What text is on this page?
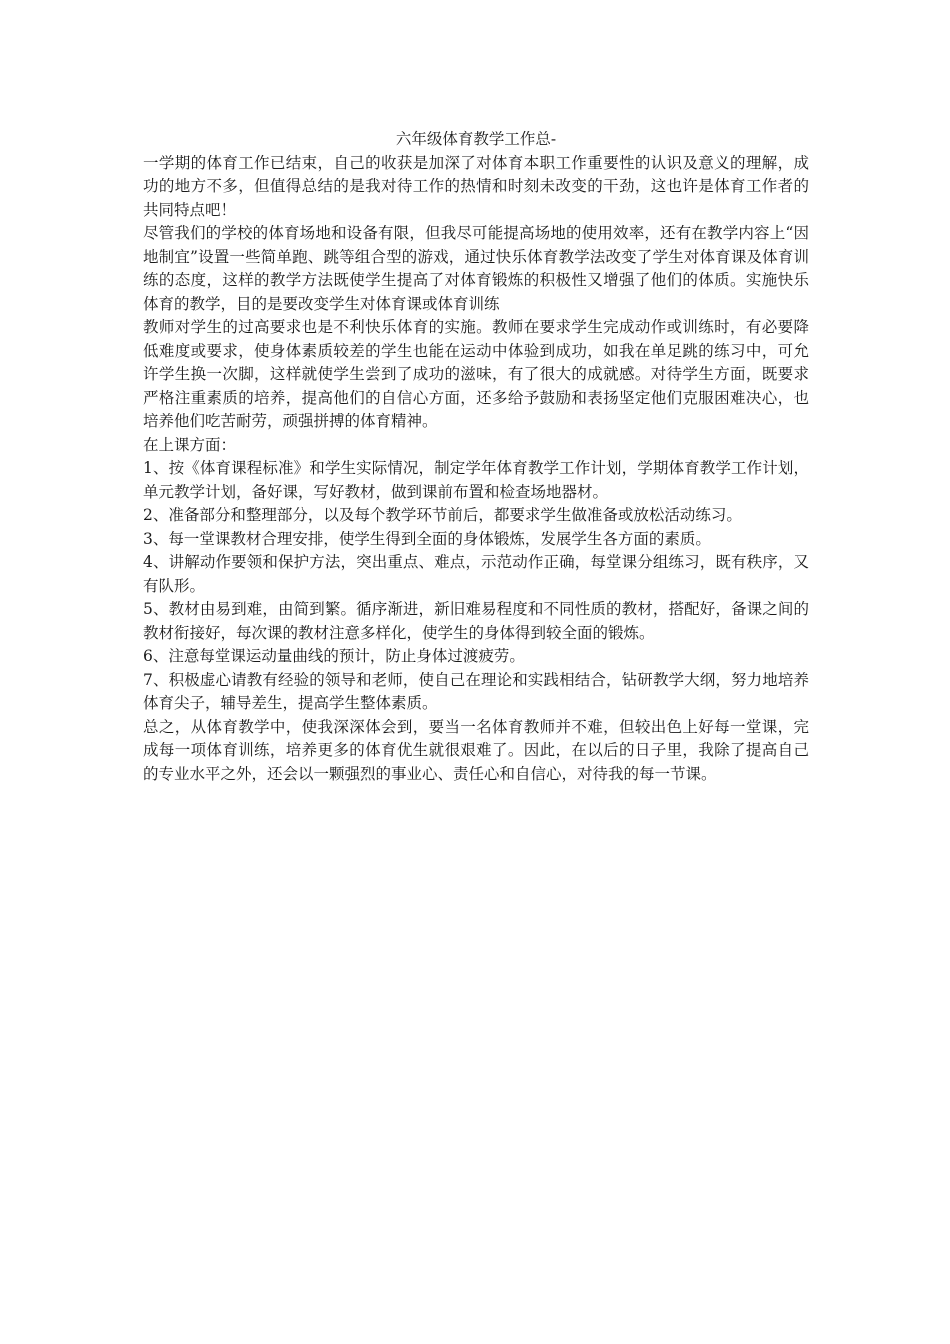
六年级体育教学工作总-

一学期的体育工作已结束，自己的收获是加深了对体育本职工作重要性的认识及意义的理解，成功的地方不多，但值得总结的是我对待工作的热情和时刻未改变的干劲，这也许是体育工作者的共同特点吧！

尽管我们的学校的体育场地和设备有限，但我尽可能提高场地的使用效率，还有在教学内容上“因地制宜”设置一些简单跑、跳等组合型的游戏，通过快乐体育教学法改变了学生对体育课及体育训练的态度，这样的教学方法既使学生提高了对体育锻炼的积极性又增强了他们的体质。实施快乐体育的教学，目的是要改变学生对体育课或体育训练

教师对学生的过高要求也是不利快乐体育的实施。教师在要求学生完成动作或训练时，有必要降低难度或要求，使身体素质较差的学生也能在运动中体验到成功，如我在单足跳的练习中，可允许学生换一次脚，这样就使学生尝到了成功的滋味，有了很大的成就感。对待学生方面，既要求严格注重素质的培养，提高他们的自信心方面，还多给予鼓励和表扬坚定他们克服困难决心，也培养他们吃苦耐劳，顽强拼搏的体育精神。

在上课方面：

1、按《体育课程标准》和学生实际情况，制定学年体育教学工作计划，学期体育教学工作计划，单元教学计划，备好课，写好教材，做到课前布置和检查场地器材。

2、准备部分和整理部分，以及每个教学环节前后，都要求学生做准备或放松活动练习。

3、每一堂课教材合理安排，使学生得到全面的身体锻炼，发展学生各方面的素质。

4、讲解动作要领和保护方法，突出重点、难点，示范动作正确，每堂课分组练习，既有秩序，又有队形。

5、教材由易到难，由简到繁。循序渐进，新旧难易程度和不同性质的教材，搭配好，备课之间的教材衔接好，每次课的教材注意多样化，使学生的身体得到较全面的锻炼。

6、注意每堂课运动量曲线的预计，防止身体过渡疲劳。

7、积极虚心请教有经验的领导和老师，使自己在理论和实践相结合，钻研教学大纲，努力地培养体育尖子，辅导差生，提高学生整体素质。

总之，从体育教学中，使我深深体会到，要当一名体育教师并不难，但较出色上好每一堂课，完成每一项体育训练，培养更多的体育优生就很艰难了。因此，在以后的日子里，我除了提高自己的专业水平之外，还会以一颗强烈的事业心、责任心和自信心，对待我的每一节课。
